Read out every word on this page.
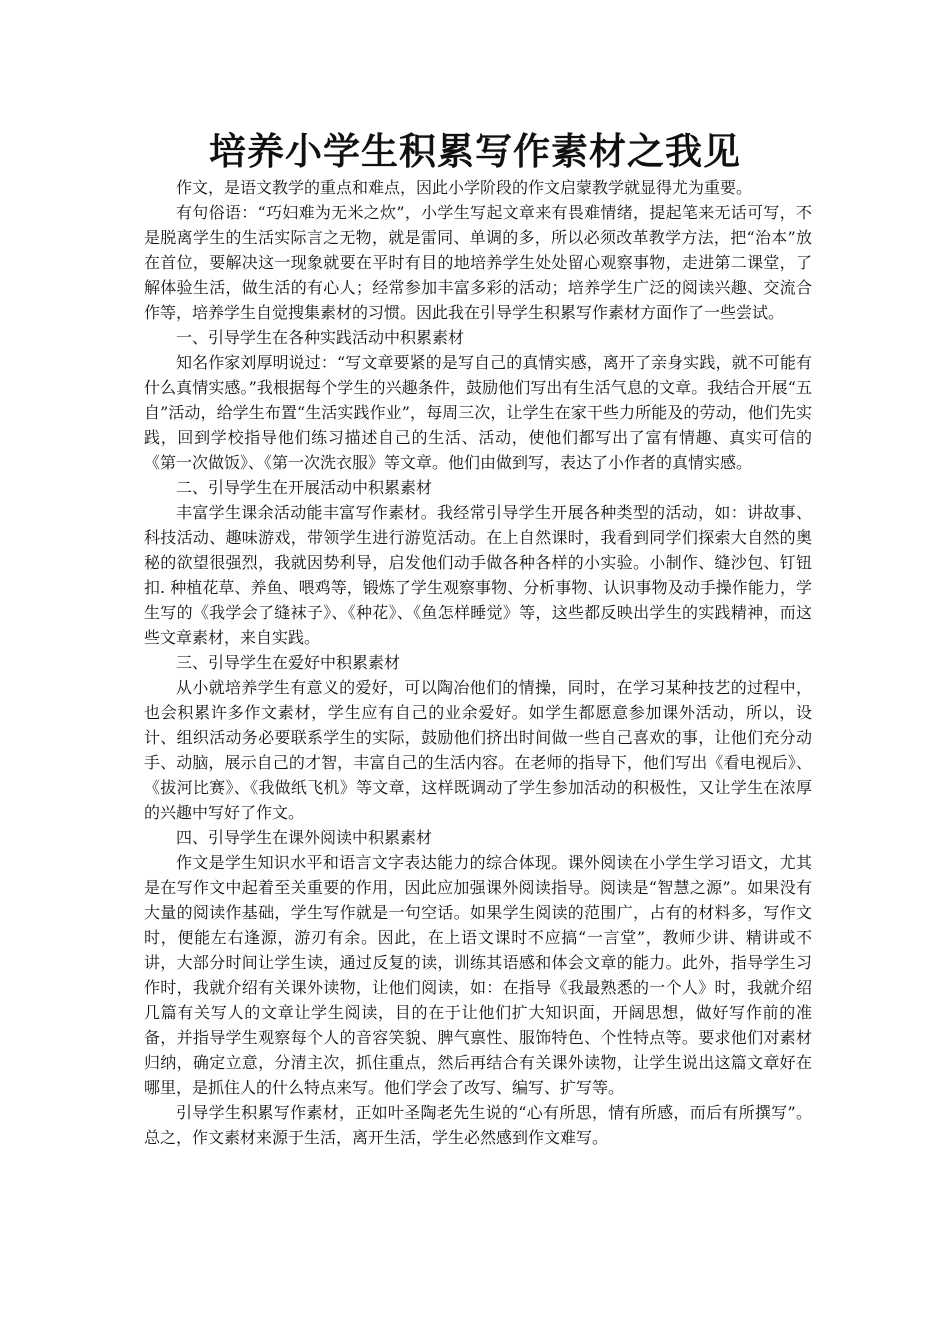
培养小学生积累写作素材之我见

作文，是语文教学的重点和难点，因此小学阶段的作文启蒙教学就显得尤为重要。

有句俗语：“巧妇难为无米之炊”，小学生写起文章来有畏难情绪，提起笔来无话可写，不是脱离学生的生活实际言之无物，就是雷同、单调的多，所以必须改革教学方法，把“治本”放在首位，要解决这一现象就要在平时有目的地培养学生处处留心观察事物，走进第二课堂，了解体验生活，做生活的有心人；经常参加丰富多彩的活动；培养学生广泛的阅读兴趣、交流合作等，培养学生自觉搜集素材的习惯。因此我在引导学生积累写作素材方面作了一些尝试。

一、引导学生在各种实践活动中积累素材

知名作家刘厚明说过：“写文章要紧的是写自己的真情实感，离开了亲身实践，就不可能有什么真情实感。”我根据每个学生的兴趣条件，鼓励他们写出有生活气息的文章。我结合开展“五自”活动，给学生布置“生活实践作业”，每周三次，让学生在家干些力所能及的劳动，他们先实践，回到学校指导他们练习描述自己的生活、活动，使他们都写出了富有情趣、真实可信的《第一次做饭》、《第一次洗衣服》等文章。他们由做到写，表达了小作者的真情实感。

二、引导学生在开展活动中积累素材

丰富学生课余活动能丰富写作素材。我经常引导学生开展各种类型的活动，如：讲故事、科技活动、趣味游戏，带领学生进行游览活动。在上自然课时，我看到同学们探索大自然的奥秘的欲望很强烈，我就因势利导，启发他们动手做各种各样的小实验。小制作、缝沙包、钉钮扣. 种植花草、养鱼、喂鸡等，锻炼了学生观察事物、分析事物、认识事物及动手操作能力，学生写的《我学会了缝袜子》、《种花》、《鱼怎样睡觉》等，这些都反映出学生的实践精神，而这些文章素材，来自实践。

三、引导学生在爱好中积累素材

从小就培养学生有意义的爱好，可以陶冶他们的情操，同时，在学习某种技艺的过程中，也会积累许多作文素材，学生应有自己的业余爱好。如学生都愿意参加课外活动，所以，设计、组织活动务必要联系学生的实际，鼓励他们挤出时间做一些自己喜欢的事，让他们充分动手、动脑，展示自己的才智，丰富自己的生活内容。在老师的指导下，他们写出《看电视后》、《拔河比赛》、《我做纸飞机》等文章，这样既调动了学生参加活动的积极性，又让学生在浓厚的兴趣中写好了作文。

四、引导学生在课外阅读中积累素材

作文是学生知识水平和语言文字表达能力的综合体现。课外阅读在小学生学习语文，尤其是在写作文中起着至关重要的作用，因此应加强课外阅读指导。阅读是“智慧之源”。如果没有大量的阅读作基础，学生写作就是一句空话。如果学生阅读的范围广，占有的材料多，写作文时，便能左右逢源，游刃有余。因此，在上语文课时不应搞“一言堂”，教师少讲、精讲或不讲，大部分时间让学生读，通过反复的读，训练其语感和体会文章的能力。此外，指导学生习作时，我就介绍有关课外读物，让他们阅读，如：在指导《我最熟悉的一个人》时，我就介绍几篇有关写人的文章让学生阅读，目的在于让他们扩大知识面，开阔思想，做好写作前的准备，并指导学生观察每个人的音容笑貌、脾气禀性、服饰特色、个性特点等。要求他们对素材归纳，确定立意，分清主次，抓住重点，然后再结合有关课外读物，让学生说出这篇文章好在哪里，是抓住人的什么特点来写。他们学会了改写、编写、扩写等。

引导学生积累写作素材，正如叶圣陶老先生说的“心有所思，情有所感，而后有所撰写”。总之，作文素材来源于生活，离开生活，学生必然感到作文难写。
